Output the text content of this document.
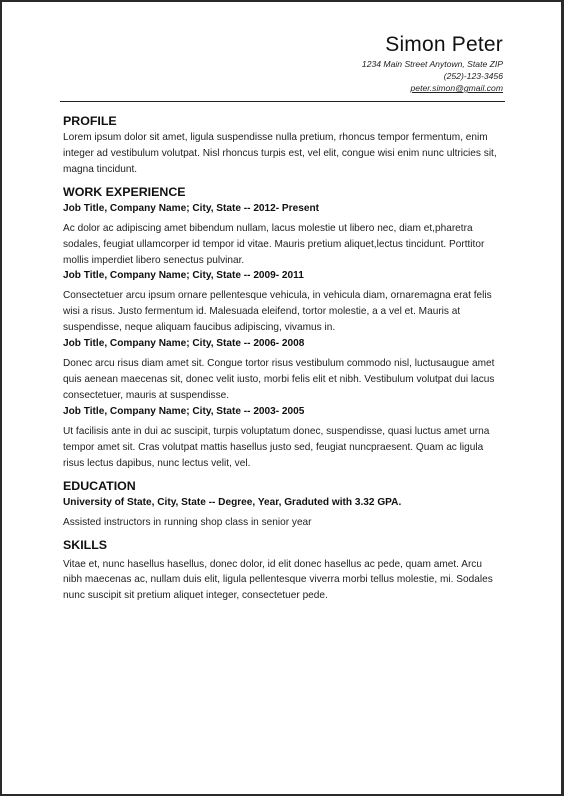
Simon Peter
1234 Main Street Anytown, State ZIP
(252)-123-3456
peter.simon@gmail.com
PROFILE

Lorem ipsum dolor sit amet, ligula suspendisse nulla pretium, rhoncus tempor fermentum, enim integer ad vestibulum volutpat. Nisl rhoncus turpis est, vel elit, congue wisi enim nunc ultricies sit, magna tincidunt.

WORK EXPERIENCE

Job Title, Company Name; City, State -- 2012- Present

Ac dolor ac adipiscing amet bibendum nullam, lacus molestie ut libero nec, diam et,pharetra sodales, feugiat ullamcorper id tempor id vitae. Mauris pretium aliquet,lectus tincidunt. Porttitor mollis imperdiet libero senectus pulvinar.

Job Title, Company Name; City, State -- 2009- 2011

Consectetuer arcu ipsum ornare pellentesque vehicula, in vehicula diam, ornaremagna erat felis wisi a risus. Justo fermentum id. Malesuada eleifend, tortor molestie, a a vel et. Mauris at suspendisse, neque aliquam faucibus adipiscing, vivamus in.

Job Title, Company Name; City, State -- 2006- 2008

Donec arcu risus diam amet sit. Congue tortor risus vestibulum commodo nisl, luctusaugue amet quis aenean maecenas sit, donec velit iusto, morbi felis elit et nibh. Vestibulum volutpat dui lacus consectetuer, mauris at suspendisse.

Job Title, Company Name; City, State -- 2003- 2005

Ut facilisis ante in dui ac suscipit, turpis voluptatum donec, suspendisse, quasi luctus amet urna tempor amet sit. Cras volutpat mattis hasellus justo sed, feugiat nuncpraesent. Quam ac ligula risus lectus dapibus, nunc lectus velit, vel.

EDUCATION

University of State, City, State -- Degree, Year, Graduted with 3.32 GPA.

Assisted instructors in running shop class in senior year

SKILLS

Vitae et, nunc hasellus hasellus, donec dolor, id elit donec hasellus ac pede, quam amet. Arcu nibh maecenas ac, nullam duis elit, ligula pellentesque viverra morbi tellus molestie, mi. Sodales nunc suscipit sit pretium aliquet integer, consectetuer pede.
